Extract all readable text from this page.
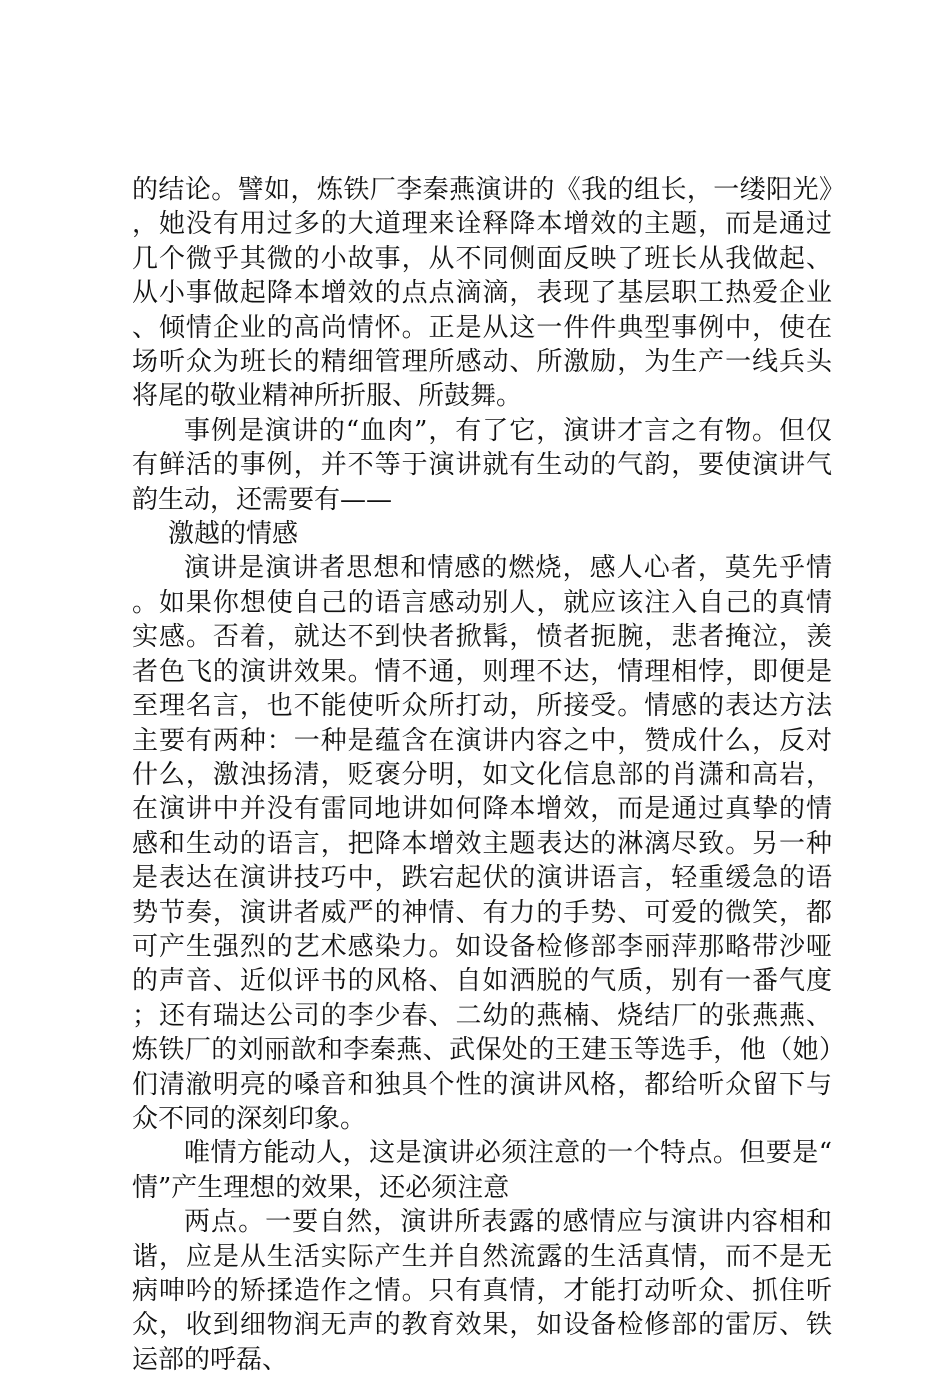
的结论。譬如，炼铁厂李秦燕演讲的《我的组长，一缕阳光》，她没有用过多的大道理来诠释降本增效的主题，而是通过几个微乎其微的小故事，从不同侧面反映了班长从我做起、从小事做起降本增效的点点滴滴，表现了基层职工热爱企业、倾情企业的高尚情怀。正是从这一件件典型事例中，使在场听众为班长的精细管理所感动、所激励，为生产一线兵头将尾的敬业精神所折服、所鼓舞。

事例是演讲的“血肉”，有了它，演讲才言之有物。但仅有鲜活的事例，并不等于演讲就有生动的气韵，要使演讲气韵生动，还需要有——

激越的情感

演讲是演讲者思想和情感的燃烧，感人心者，莫先乎情。如果你想使自己的语言感动别人，就应该注入自己的真情实感。否着，就达不到快者掀髯，愤者扼腕，悲者掩泣，羡者色飞的演讲效果。情不通，则理不达，情理相悖，即便是至理名言，也不能使听众所打动，所接受。情感的表达方法主要有两种：一种是蕴含在演讲内容之中，赞成什么，反对什么，激浊扬清，贬褒分明，如文化信息部的肖潇和高岩，在演讲中并没有雷同地讲如何降本增效，而是通过真挚的情感和生动的语言，把降本增效主题表达的淋漓尽致。另一种是表达在演讲技巧中，跌宕起伏的演讲语言，轻重缓急的语势节奏，演讲者威严的神情、有力的手势、可爱的微笑，都可产生强烈的艺术感染力。如设备检修部李丽萍那略带沙哑的声音、近似评书的风格、自如洒脱的气质，别有一番气度；还有瑞达公司的李少春、二幼的燕楠、烧结厂的张燕燕、炼铁厂的刘丽歆和李秦燕、武保处的王建玉等选手，他（她）们清澈明亮的嗓音和独具个性的演讲风格，都给听众留下与众不同的深刻印象。

唯情方能动人，这是演讲必须注意的一个特点。但要是“情”产生理想的效果，还必须注意

两点。一要自然，演讲所表露的感情应与演讲内容相和谐，应是从生活实际产生并自然流露的生活真情，而不是无病呻吟的矫揉造作之情。只有真情，才能打动听众、抓住听众，收到细物润无声的教育效果，如设备检修部的雷厉、铁运部的呼磊、
